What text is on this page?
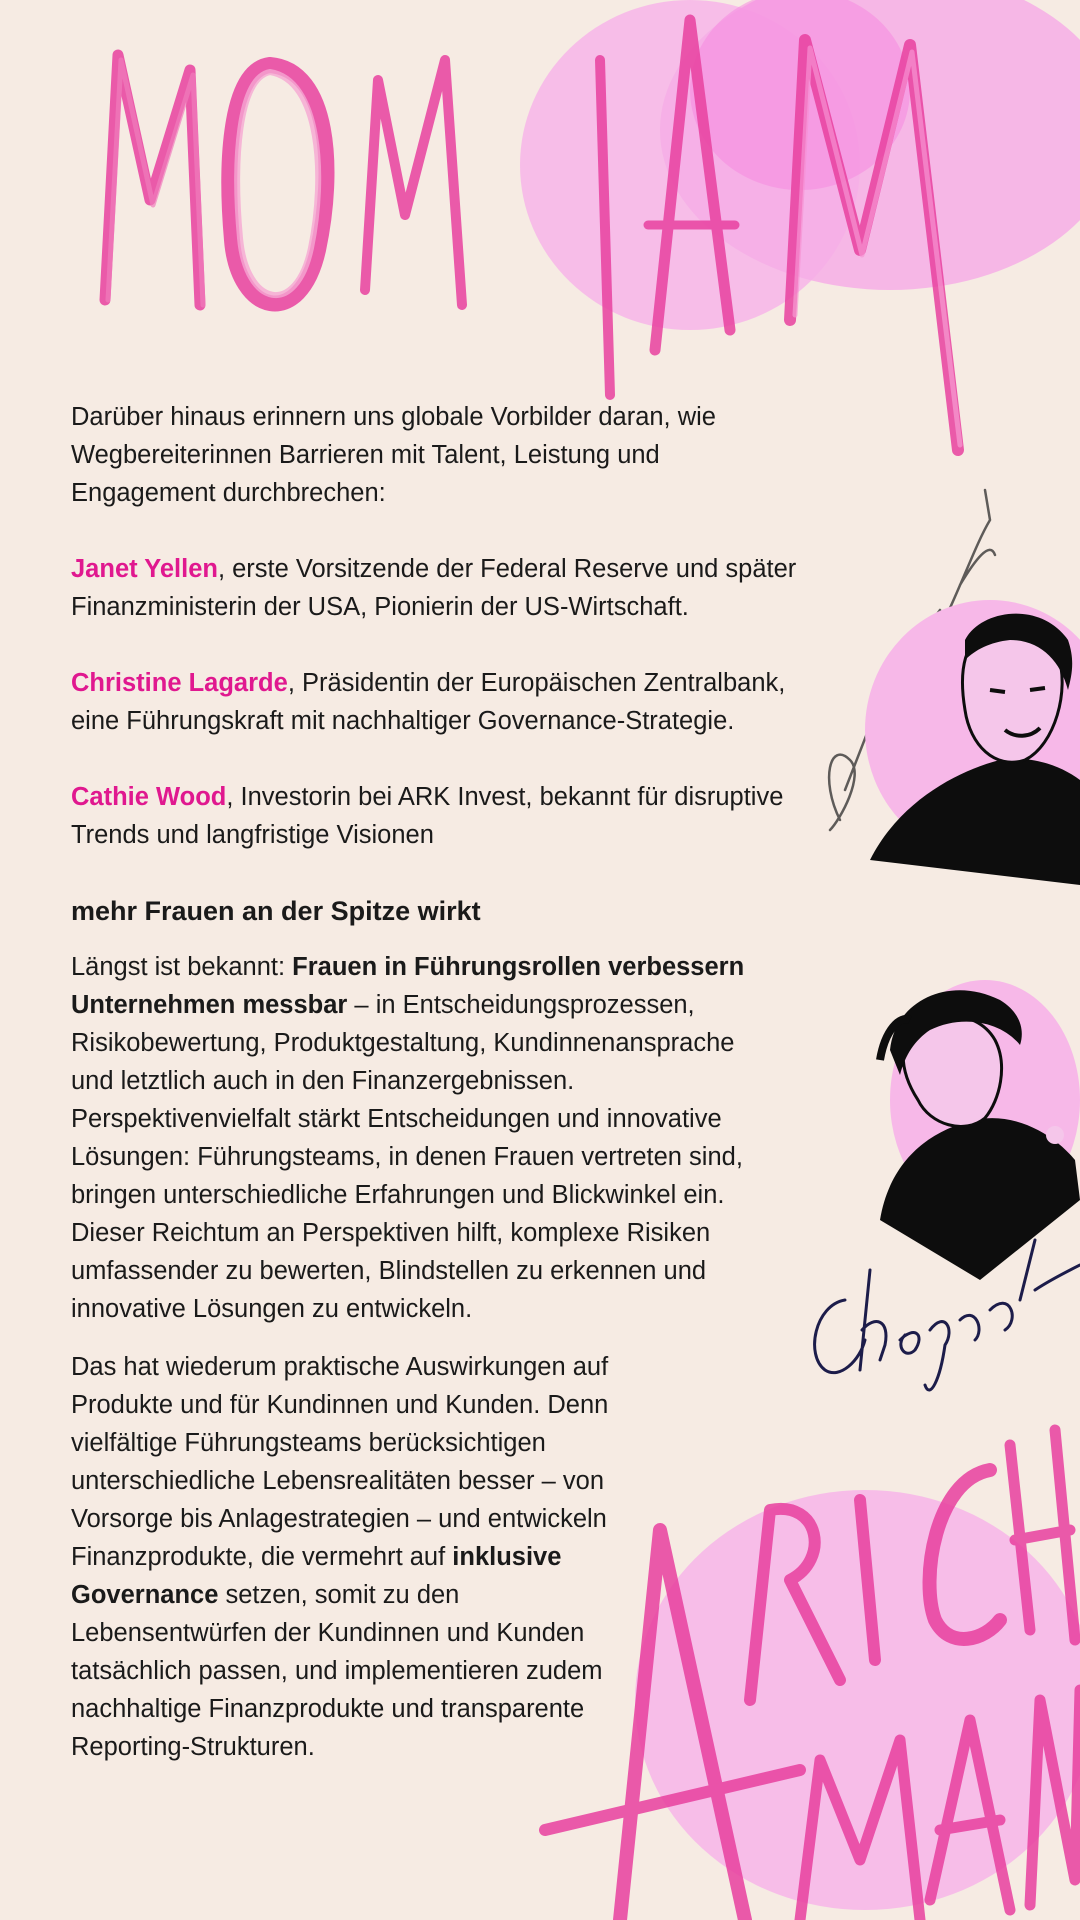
Darüber hinaus erinnern uns globale Vorbilder daran, wie Wegbereiterinnen Barrieren mit Talent, Leistung und Engagement durchbrechen:

Janet Yellen, erste Vorsitzende der Federal Reserve und später Finanzministerin der USA, Pionierin der US-Wirtschaft.

Christine Lagarde, Präsidentin der Europäischen Zentralbank, eine Führungskraft mit nachhaltiger Governance-Strategie.

Cathie Wood, Investorin bei ARK Invest, bekannt für disruptive Trends und langfristige Visionen

mehr Frauen an der Spitze wirkt

Längst ist bekannt: Frauen in Führungsrollen verbessern Unternehmen messbar – in Entscheidungsprozessen, Risikobewertung, Produktgestaltung, Kundinnenansprache und letztlich auch in den Finanzergebnissen. Perspektivenvielfalt stärkt Entscheidungen und innovative Lösungen: Führungsteams, in denen Frauen vertreten sind, bringen unterschiedliche Erfahrungen und Blickwinkel ein. Dieser Reichtum an Perspektiven hilft, komplexe Risiken umfassender zu bewerten, Blindstellen zu erkennen und innovative Lösungen zu entwickeln.

Das hat wiederum praktische Auswirkungen auf Produkte und für Kundinnen und Kunden. Denn vielfältige Führungsteams berücksichtigen unterschiedliche Lebensrealitäten besser – von Vorsorge bis Anlagestrategien – und entwickeln Finanzprodukte, die vermehrt auf inklusive Governance setzen, somit zu den Lebensentwürfen der Kundinnen und Kunden tatsächlich passen, und implementieren zudem nachhaltige Finanzprodukte und transparente Reporting-Strukturen.
